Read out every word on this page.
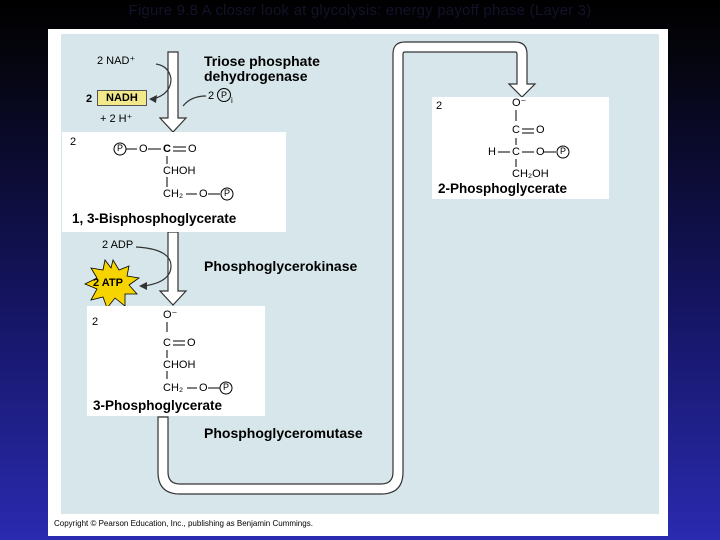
Figure 9.8 A closer look at glycolysis: energy payoff phase (Layer 3)
2 NAD⁺	Triose phosphate
dehydrogenase
2	NADH
+ 2 H⁺
2 P
i
2	P O C O
CHOH
CH₂ O P
1, 3-Bisphosphoglycerate
2 ADP
2 ATP
Phosphoglycerokinase
2
O⁻
C O
CHOH
CH₂ O P
3-Phosphoglycerate
Phosphoglyceromutase
2	O⁻
C O
H C O P
CH₂OH
2-Phosphoglycerate
Copyright © Pearson Education, Inc., publishing as Benjamin Cummings.
